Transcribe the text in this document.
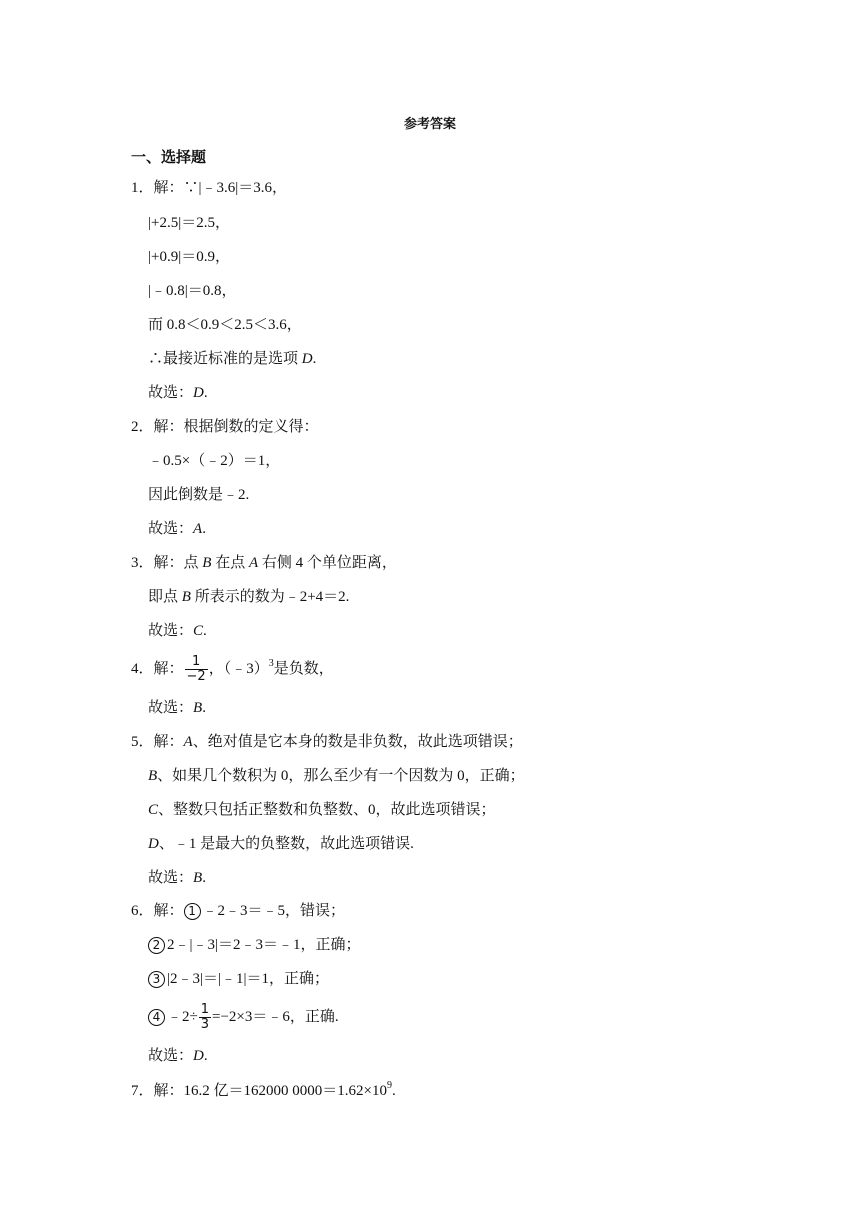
参考答案
一、选择题
1．解：∵|﹣3.6|＝3.6，
|+2.5|＝2.5，
|+0.9|＝0.9，
|﹣0.8|＝0.8，
而 0.8＜0.9＜2.5＜3.6，
∴最接近标准的是选项 D.
故选：D.
2．解：根据倒数的定义得：
﹣0.5×（﹣2）＝1，
因此倒数是﹣2.
故选：A.
3．解：点 B 在点 A 右侧 4 个单位距离，
即点 B 所表示的数为﹣2+4＝2.
故选：C.
4．解： $\frac{1}{-2}$ ，（﹣3）$^3$是负数，
故选：B.
5．解：A、绝对值是它本身的数是非负数，故此选项错误；
B、如果几个数积为 0，那么至少有一个因数为 0，正确；
C、整数只包括正整数和负整数、0，故此选项错误；
D、﹣1 是最大的负整数，故此选项错误.
故选：B.
6．解： 1 ﹣2﹣3＝﹣5，错误；
2 2﹣|﹣3|＝2﹣3＝﹣1，正确；
3 |2﹣3|＝|﹣1|＝1，正确；
4 ﹣2÷ $\frac{1}{3}$ =−2×3＝﹣6，正确.
故选：D.
7．解：16.2 亿＝162000 $0000=1.62\times 10^9$.
